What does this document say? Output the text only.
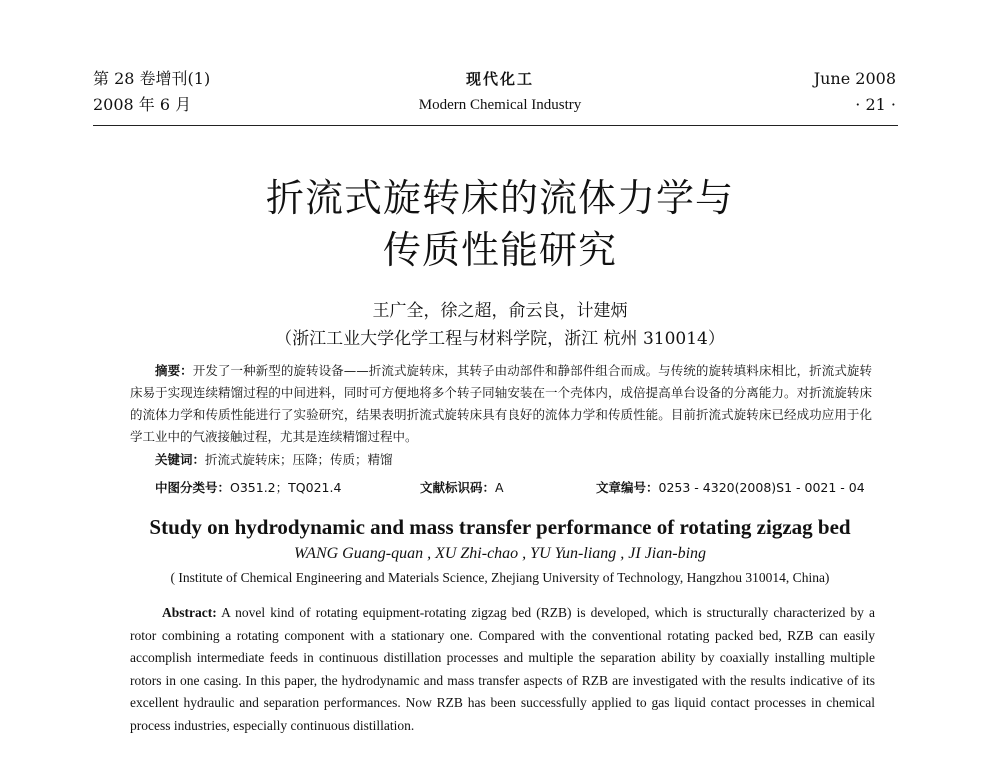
第 28 卷增刊(1)
2008 年 6 月
现代化工
Modern Chemical Industry
June 2008
· 21 ·
折流式旋转床的流体力学与
传质性能研究
王广全，徐之超，俞云良，计建炳
（浙江工业大学化学工程与材料学院，浙江 杭州 310014）
摘要：开发了一种新型的旋转设备——折流式旋转床，其转子由动部件和静部件组合而成。与传统的旋转填料床相比，折流式旋转床易于实现连续精馏过程的中间进料，同时可方便地将多个转子同轴安装在一个壳体内，成倍提高单台设备的分离能力。对折流旋转床的流体力学和传质性能进行了实验研究，结果表明折流式旋转床具有良好的流体力学和传质性能。目前折流式旋转床已经成功应用于化学工业中的气液接触过程，尤其是连续精馏过程中。
关键词：折流式旋转床；压降；传质；精馏
中图分类号：O351.2；TQ021.4	文献标识码：A	文章编号：0253 - 4320(2008)S1 - 0021 - 04
Study on hydrodynamic and mass transfer performance of rotating zigzag bed
WANG Guang-quan , XU Zhi-chao , YU Yun-liang , JI Jian-bing
( Institute of Chemical Engineering and Materials Science, Zhejiang University of Technology, Hangzhou 310014, China)
Abstract: A novel kind of rotating equipment-rotating zigzag bed (RZB) is developed, which is structurally characterized by a rotor combining a rotating component with a stationary one. Compared with the conventional rotating packed bed, RZB can easily accomplish intermediate feeds in continuous distillation processes and multiple the separation ability by coaxially installing multiple rotors in one casing. In this paper, the hydrodynamic and mass transfer aspects of RZB are investigated with the results indicative of its excellent hydraulic and separation performances. Now RZB has been successfully applied to gas liquid contact processes in chemical process industries, especially continuous distillation.
